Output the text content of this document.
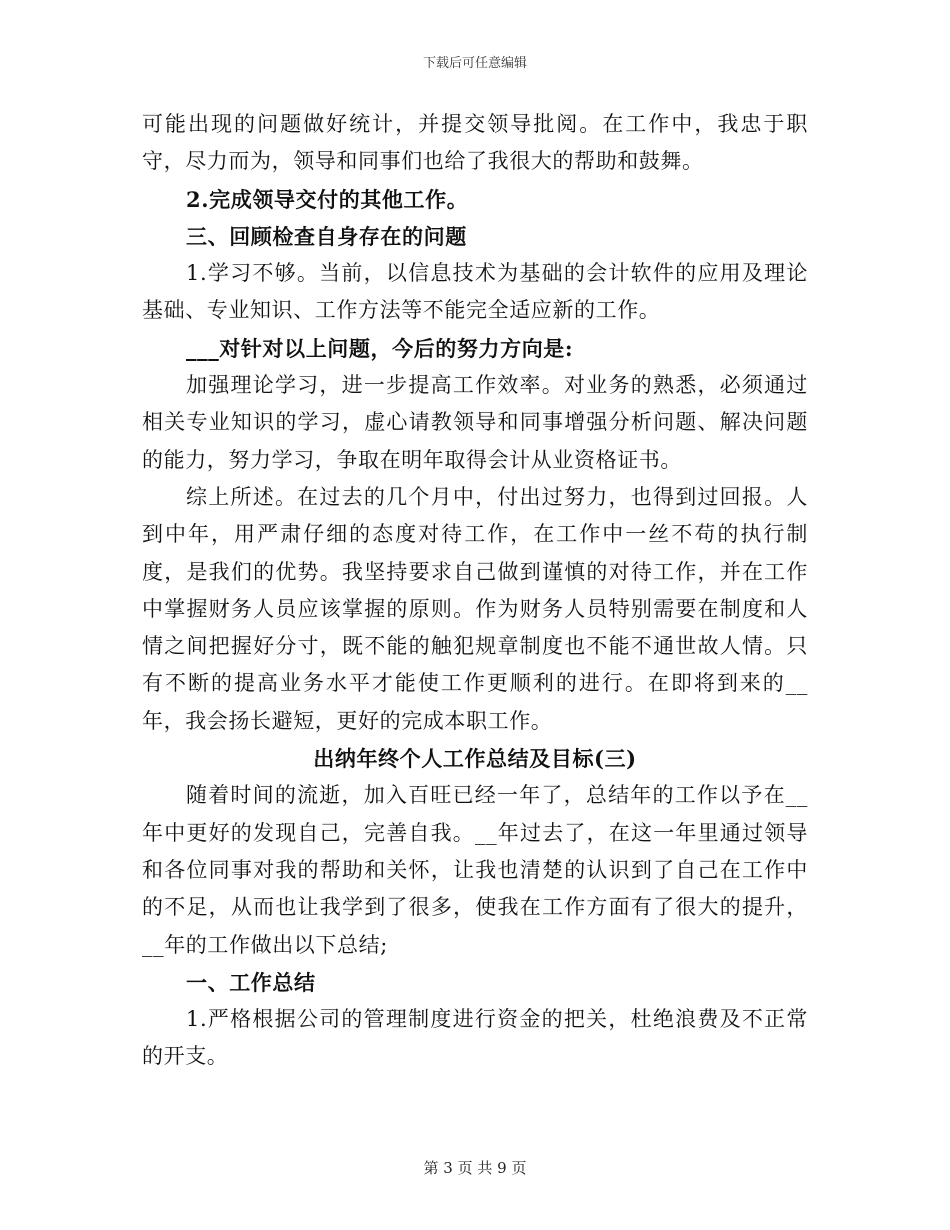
下载后可任意编辑

可能出现的问题做好统计，并提交领导批阅。在工作中，我忠于职守，尽力而为，领导和同事们也给了我很大的帮助和鼓舞。

2.完成领导交付的其他工作。

三、回顾检查自身存在的问题

1.学习不够。当前，以信息技术为基础的会计软件的应用及理论基础、专业知识、工作方法等不能完全适应新的工作。

___对针对以上问题，今后的努力方向是:

加强理论学习，进一步提高工作效率。对业务的熟悉，必须通过相关专业知识的学习，虚心请教领导和同事增强分析问题、解决问题的能力，努力学习，争取在明年取得会计从业资格证书。

综上所述。在过去的几个月中，付出过努力，也得到过回报。人到中年，用严肃仔细的态度对待工作，在工作中一丝不苟的执行制度，是我们的优势。我坚持要求自己做到谨慎的对待工作，并在工作中掌握财务人员应该掌握的原则。作为财务人员特别需要在制度和人情之间把握好分寸，既不能的触犯规章制度也不能不通世故人情。只有不断的提高业务水平才能使工作更顺利的进行。在即将到来的__年，我会扬长避短，更好的完成本职工作。

出纳年终个人工作总结及目标(三)

随着时间的流逝，加入百旺已经一年了，总结年的工作以予在__年中更好的发现自己，完善自我。__年过去了，在这一年里通过领导和各位同事对我的帮助和关怀，让我也清楚的认识到了自己在工作中的不足，从而也让我学到了很多，使我在工作方面有了很大的提升，__年的工作做出以下总结;

一、工作总结

1.严格根据公司的管理制度进行资金的把关，杜绝浪费及不正常的开支。

第 3 页 共 9 页
